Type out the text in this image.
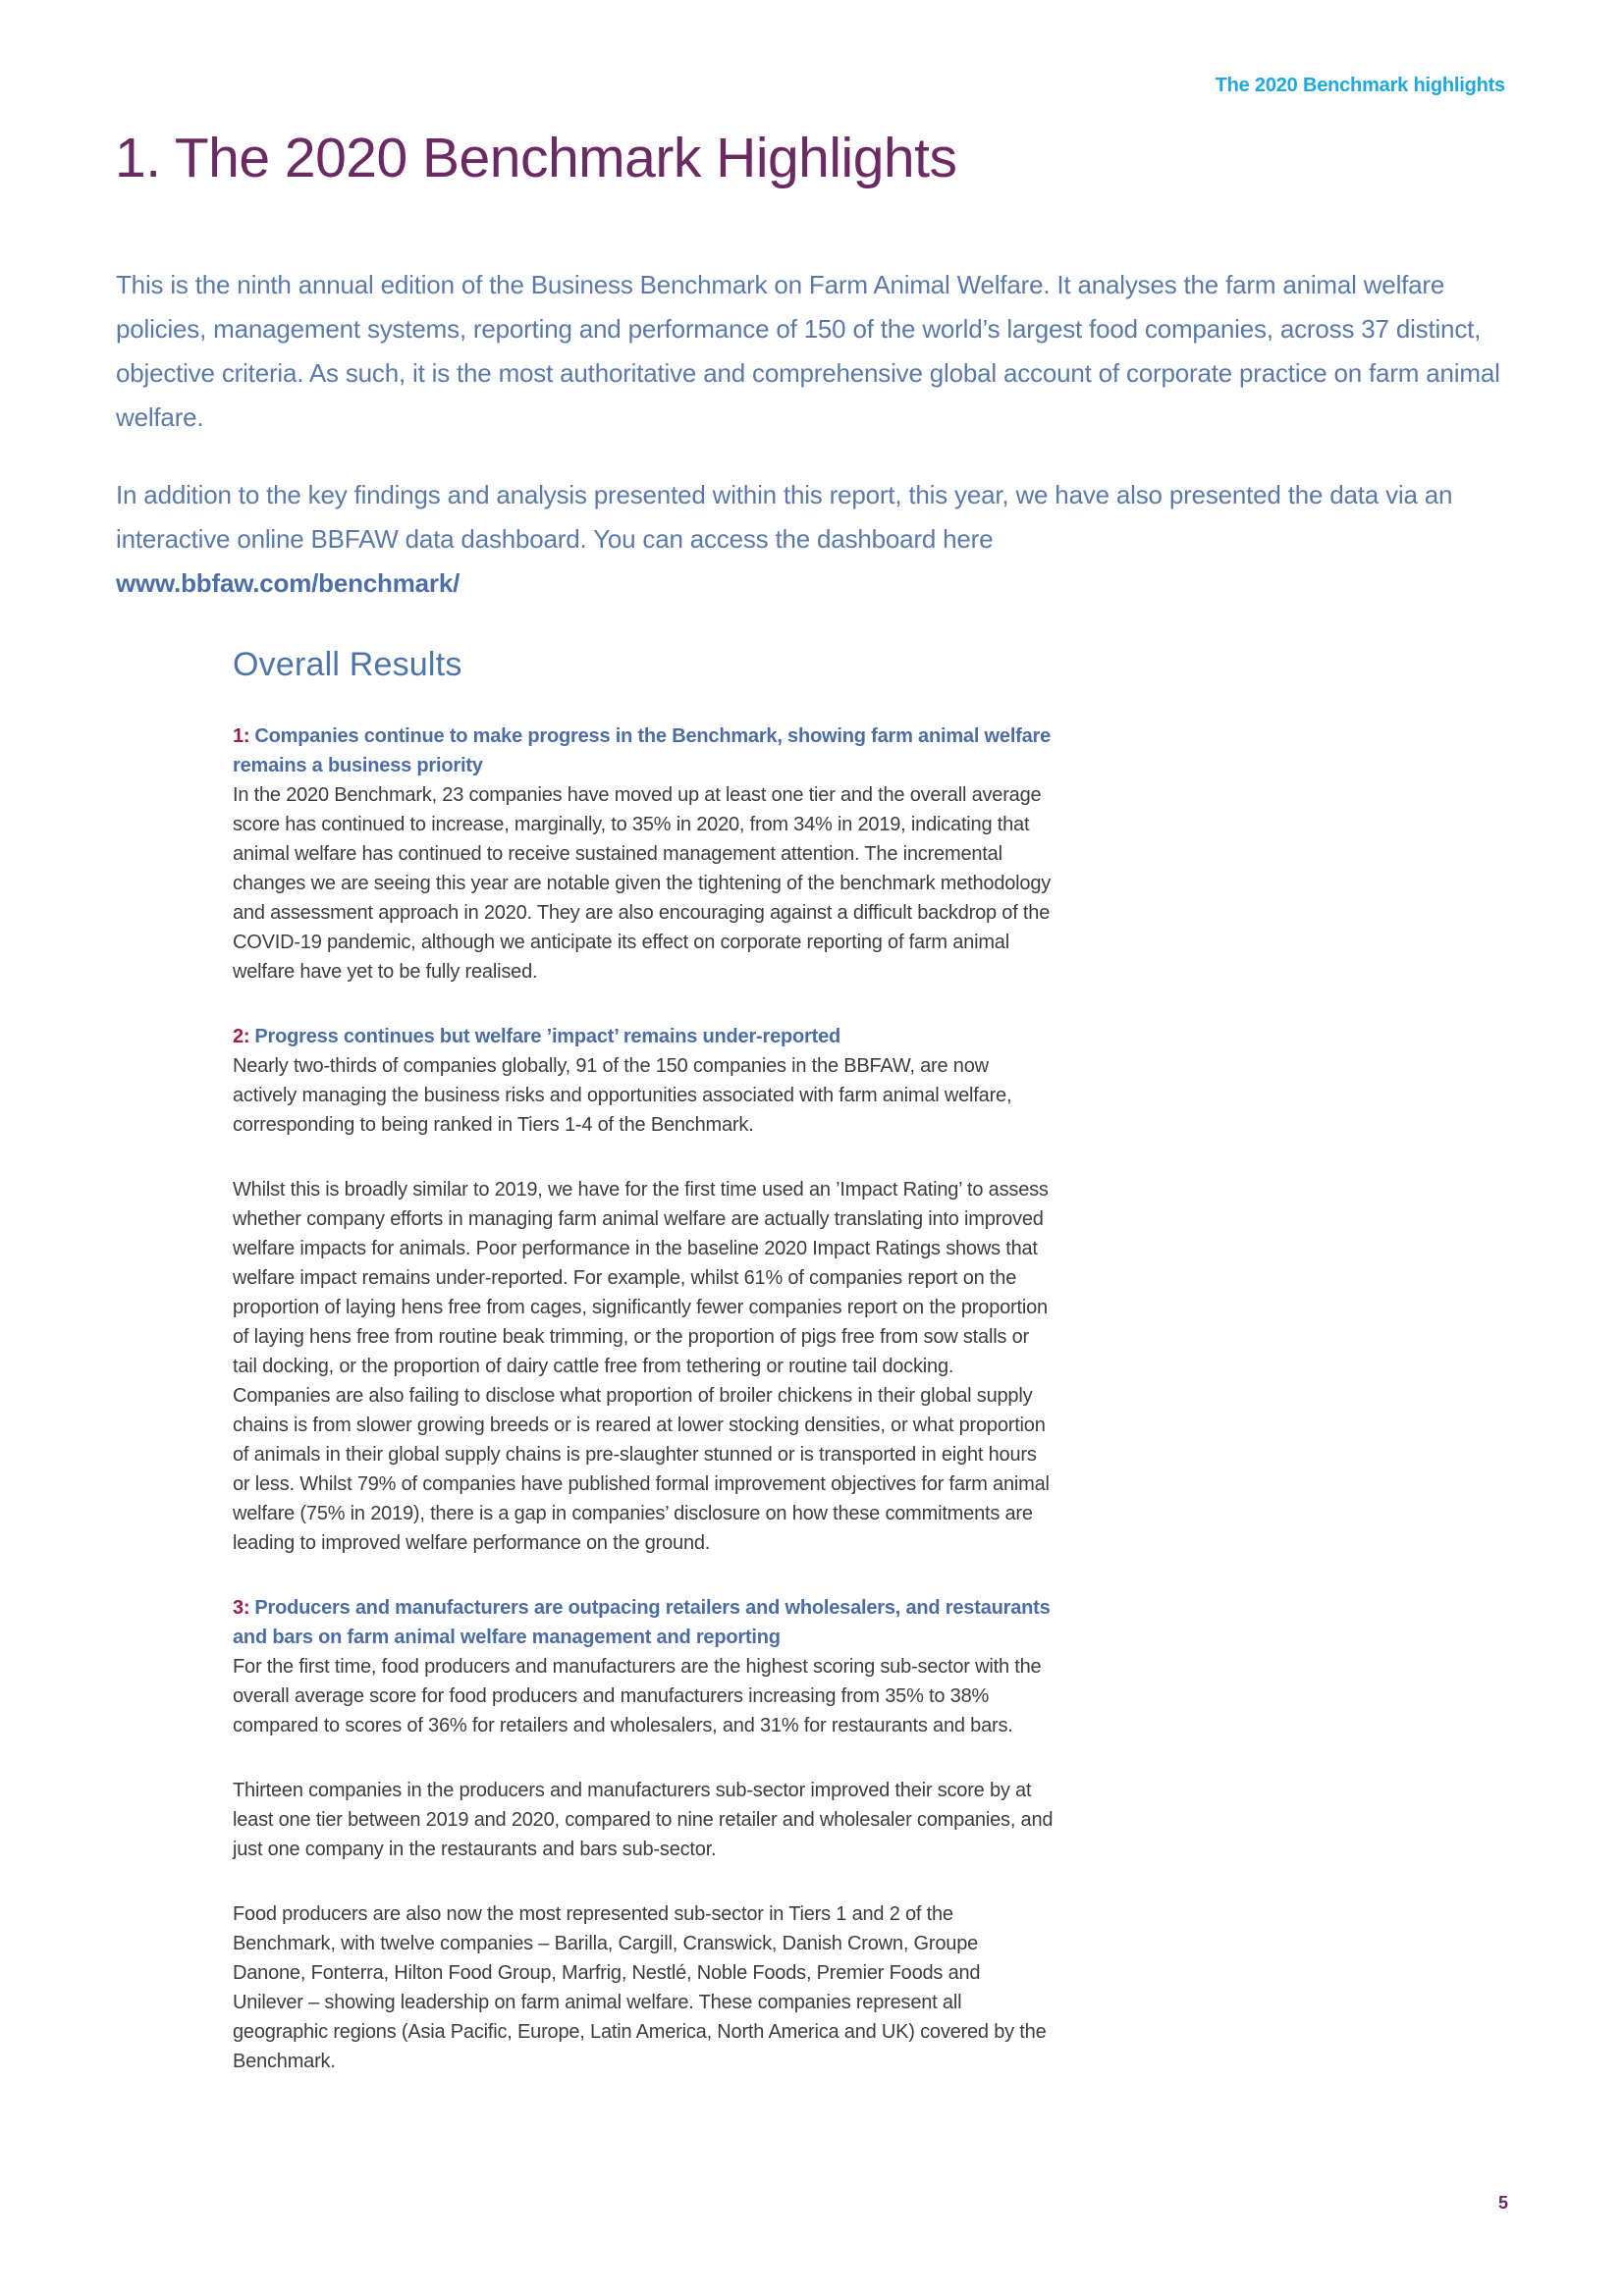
The 2020 Benchmark highlights
1. The 2020 Benchmark Highlights

This is the ninth annual edition of the Business Benchmark on Farm Animal Welfare. It analyses the farm animal welfare policies, management systems, reporting and performance of 150 of the world’s largest food companies, across 37 distinct, objective criteria. As such, it is the most authoritative and comprehensive global account of corporate practice on farm animal welfare.

In addition to the key findings and analysis presented within this report, this year, we have also presented the data via an interactive online BBFAW data dashboard. You can access the dashboard here
www.bbfaw.com/benchmark/

Overall Results

1: Companies continue to make progress in the Benchmark, showing farm animal welfare remains a business priority

In the 2020 Benchmark, 23 companies have moved up at least one tier and the overall average score has continued to increase, marginally, to 35% in 2020, from 34% in 2019, indicating that animal welfare has continued to receive sustained management attention. The incremental changes we are seeing this year are notable given the tightening of the benchmark methodology and assessment approach in 2020. They are also encouraging against a difficult backdrop of the COVID-19 pandemic, although we anticipate its effect on corporate reporting of farm animal welfare have yet to be fully realised.

2: Progress continues but welfare ’impact’ remains under-reported

Nearly two-thirds of companies globally, 91 of the 150 companies in the BBFAW, are now actively managing the business risks and opportunities associated with farm animal welfare, corresponding to being ranked in Tiers 1-4 of the Benchmark.

Whilst this is broadly similar to 2019, we have for the first time used an ’Impact Rating’ to assess whether company efforts in managing farm animal welfare are actually translating into improved welfare impacts for animals. Poor performance in the baseline 2020 Impact Ratings shows that welfare impact remains under-reported. For example, whilst 61% of companies report on the proportion of laying hens free from cages, significantly fewer companies report on the proportion of laying hens free from routine beak trimming, or the proportion of pigs free from sow stalls or tail docking, or the proportion of dairy cattle free from tethering or routine tail docking. Companies are also failing to disclose what proportion of broiler chickens in their global supply chains is from slower growing breeds or is reared at lower stocking densities, or what proportion of animals in their global supply chains is pre-slaughter stunned or is transported in eight hours or less. Whilst 79% of companies have published formal improvement objectives for farm animal welfare (75% in 2019), there is a gap in companies’ disclosure on how these commitments are leading to improved welfare performance on the ground.

3: Producers and manufacturers are outpacing retailers and wholesalers, and restaurants and bars on farm animal welfare management and reporting

For the first time, food producers and manufacturers are the highest scoring sub-sector with the overall average score for food producers and manufacturers increasing from 35% to 38% compared to scores of 36% for retailers and wholesalers, and 31% for restaurants and bars.

Thirteen companies in the producers and manufacturers sub-sector improved their score by at least one tier between 2019 and 2020, compared to nine retailer and wholesaler companies, and just one company in the restaurants and bars sub-sector.

Food producers are also now the most represented sub-sector in Tiers 1 and 2 of the Benchmark, with twelve companies – Barilla, Cargill, Cranswick, Danish Crown, Groupe Danone, Fonterra, Hilton Food Group, Marfrig, Nestlé, Noble Foods, Premier Foods and Unilever – showing leadership on farm animal welfare. These companies represent all geographic regions (Asia Pacific, Europe, Latin America, North America and UK) covered by the Benchmark.

5
